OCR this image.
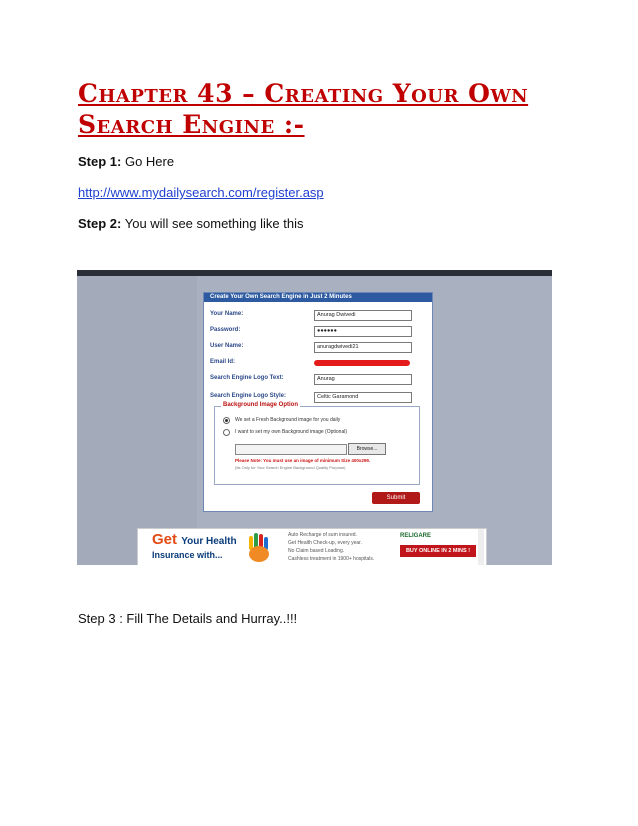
Chapter 43 – Creating Your Own Search Engine :-
Step 1: Go Here
http://www.mydailysearch.com/register.asp
Step 2: You will see something like this
Create Your Own Search Engine in Just 2 Minutes
Your Name:	Anurag Dwivedi
Password:	●●●●●●
User Name:	anuragdwivedi21
Email Id:
Search Engine Logo Text:	Anurag
Search Engine Logo Style:	Celtic Garamond
Background Image Option
We set a Fresh Background image for you daily
I want to set my own Background image (Optional)
Browse...
Please Note: You must use an image of minimum Size 400x299.
(Its Only for Your Search Engine Background Quality Purpose)
Submit
Get Your Health
Insurance with...
Auto Recharge of sum insured.
Get Health Check-up, every year.
No Claim based Loading.
Cashless treatment in 1900+ hospitals.
RELIGARE
BUY ONLINE IN 2 MINS !
Step 3 : Fill The Details and Hurray..!!!
